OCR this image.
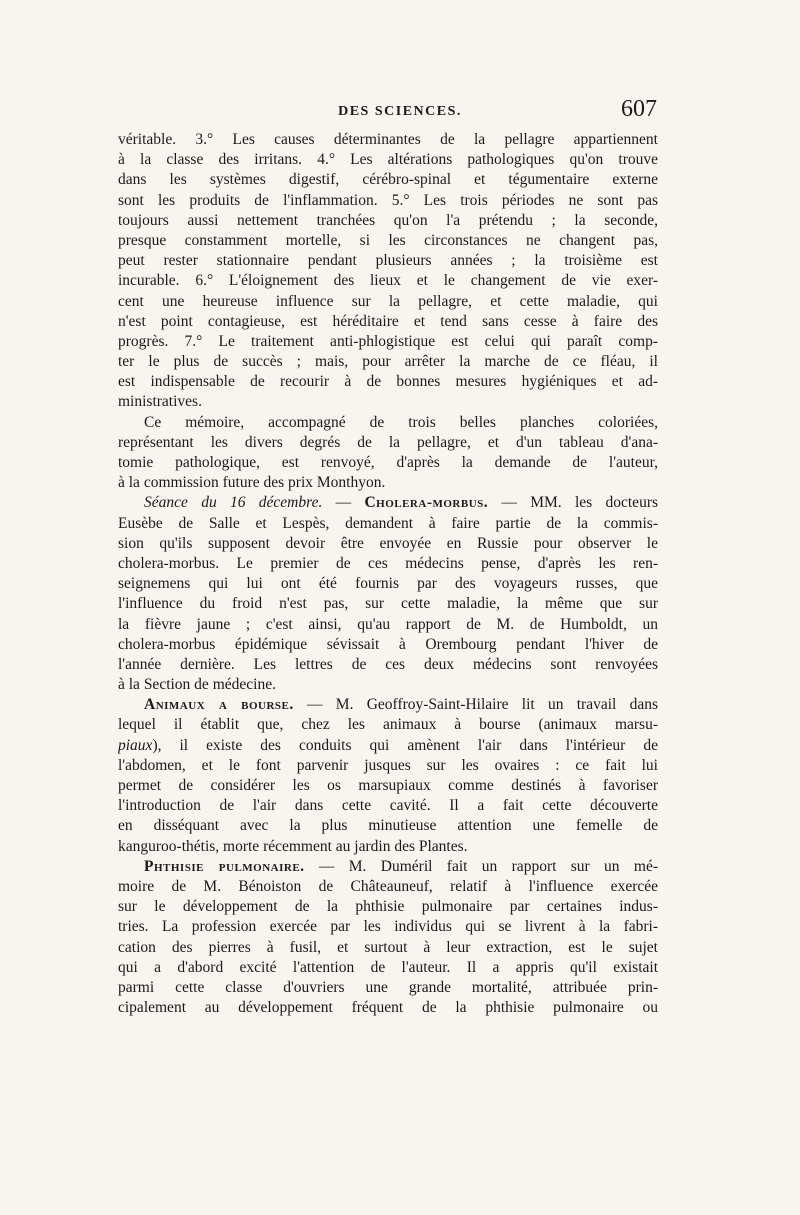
DES SCIENCES.	607
véritable. 3.° Les causes déterminantes de la pellagre appartiennent
à la classe des irritans. 4.° Les altérations pathologiques qu'on trouve
dans les systèmes digestif, cérébro-spinal et tégumentaire externe
sont les produits de l'inflammation. 5.° Les trois périodes ne sont pas
toujours aussi nettement tranchées qu'on l'a prétendu ; la seconde,
presque constamment mortelle, si les circonstances ne changent pas,
peut rester stationnaire pendant plusieurs années ; la troisième est
incurable. 6.° L'éloignement des lieux et le changement de vie exer-
cent une heureuse influence sur la pellagre, et cette maladie, qui
n'est point contagieuse, est héréditaire et tend sans cesse à faire des
progrès. 7.° Le traitement anti-phlogistique est celui qui paraît comp-
ter le plus de succès ; mais, pour arrêter la marche de ce fléau, il
est indispensable de recourir à de bonnes mesures hygiéniques et ad-
ministratives.
Ce mémoire, accompagné de trois belles planches coloriées,
représentant les divers degrés de la pellagre, et d'un tableau d'ana-
tomie pathologique, est renvoyé, d'après la demande de l'auteur,
à la commission future des prix Monthyon.
Séance du 16 décembre. — Cholera-morbus. — MM. les docteurs
Eusèbe de Salle et Lespès, demandent à faire partie de la commis-
sion qu'ils supposent devoir être envoyée en Russie pour observer le
cholera-morbus. Le premier de ces médecins pense, d'après les ren-
seignemens qui lui ont été fournis par des voyageurs russes, que
l'influence du froid n'est pas, sur cette maladie, la même que sur
la fièvre jaune ; c'est ainsi, qu'au rapport de M. de Humboldt, un
cholera-morbus épidémique sévissait à Orembourg pendant l'hiver de
l'année dernière. Les lettres de ces deux médecins sont renvoyées
à la Section de médecine.
Animaux a bourse. — M. Geoffroy-Saint-Hilaire lit un travail dans
lequel il établit que, chez les animaux à bourse (animaux marsu-
piaux), il existe des conduits qui amènent l'air dans l'intérieur de
l'abdomen, et le font parvenir jusques sur les ovaires : ce fait lui
permet de considérer les os marsupiaux comme destinés à favoriser
l'introduction de l'air dans cette cavité. Il a fait cette découverte
en disséquant avec la plus minutieuse attention une femelle de
kanguroo-thétis, morte récemment au jardin des Plantes.
Phthisie pulmonaire. — M. Duméril fait un rapport sur un mé-
moire de M. Bénoiston de Châteauneuf, relatif à l'influence exercée
sur le développement de la phthisie pulmonaire par certaines indus-
tries. La profession exercée par les individus qui se livrent à la fabri-
cation des pierres à fusil, et surtout à leur extraction, est le sujet
qui a d'abord excité l'attention de l'auteur. Il a appris qu'il existait
parmi cette classe d'ouvriers une grande mortalité, attribuée prin-
cipalement au développement fréquent de la phthisie pulmonaire ou
